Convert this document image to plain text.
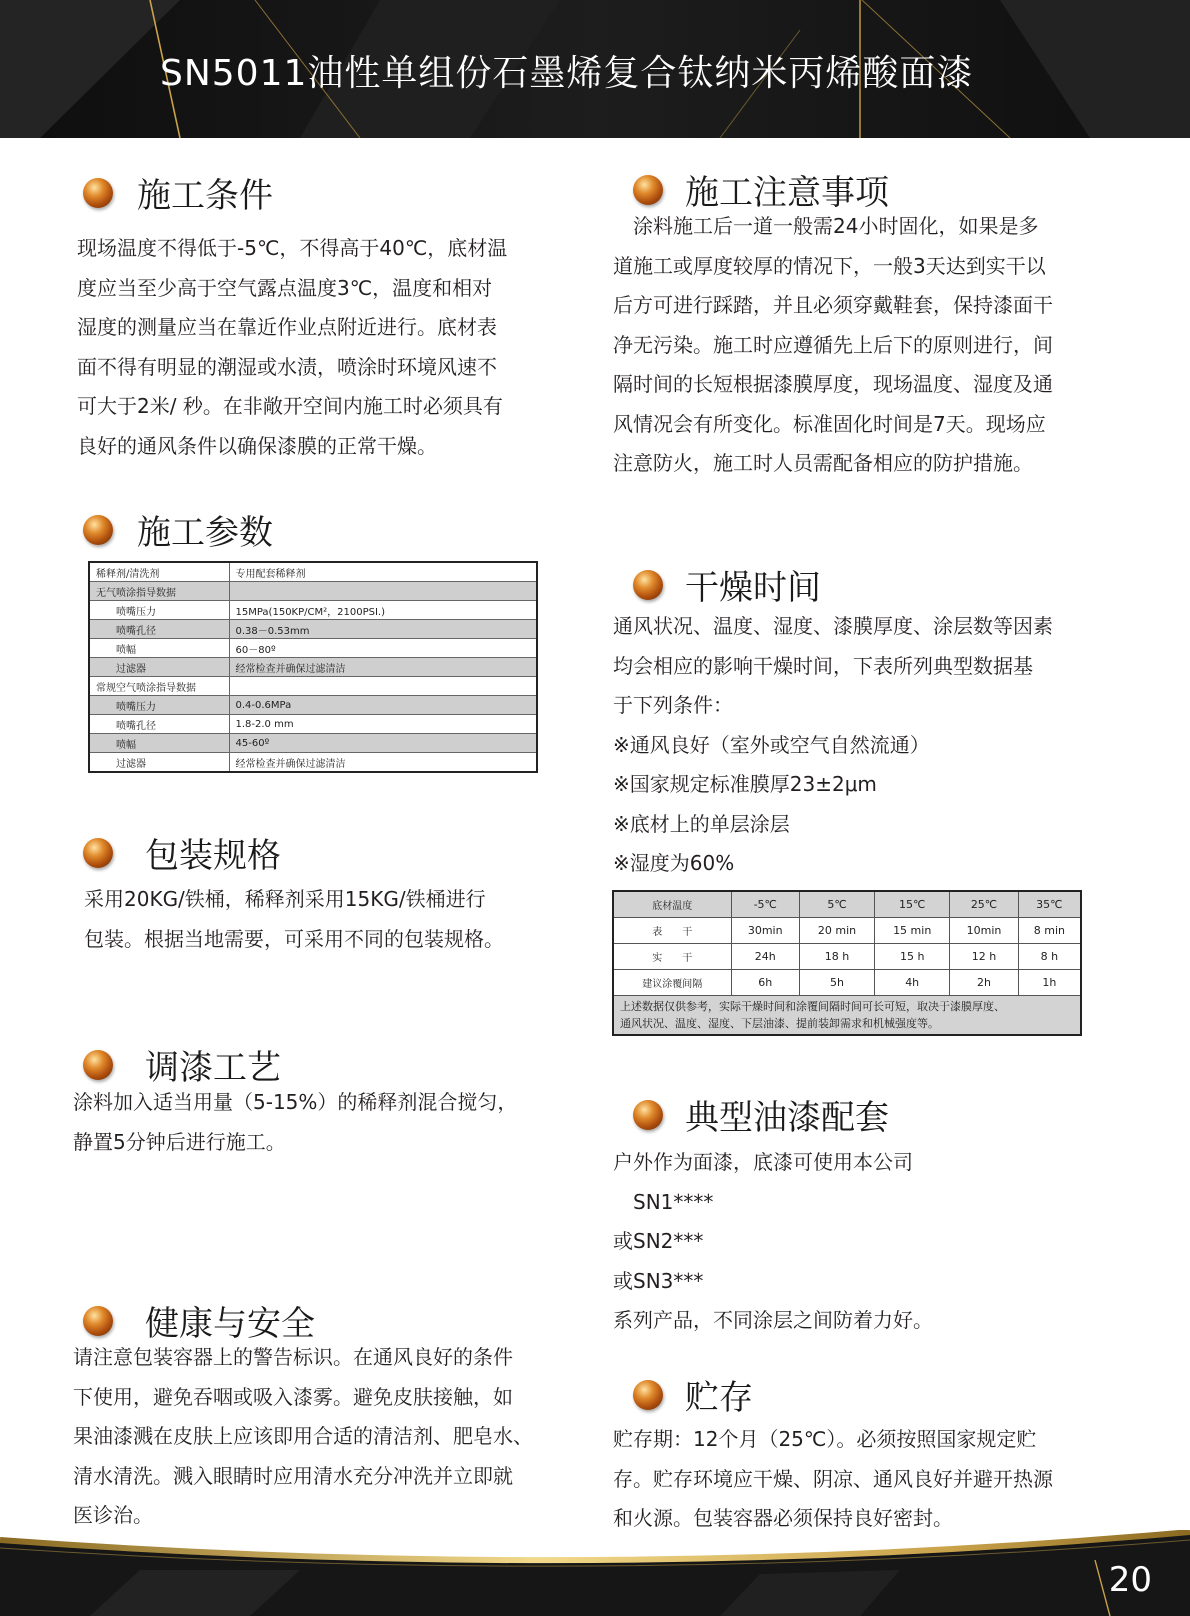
SN5011油性单组份石墨烯复合钛纳米丙烯酸面漆
施工条件

现场温度不得低于-5℃，不得高于40℃，底材温
度应当至少高于空气露点温度3℃，温度和相对
湿度的测量应当在靠近作业点附近进行。底材表
面不得有明显的潮湿或水渍，喷涂时环境风速不
可大于2米/ 秒。在非敞开空间内施工时必须具有
良好的通风条件以确保漆膜的正常干燥。

施工参数
稀释剂/清洗剂	专用配套稀释剂
无气喷涂指导数据	
喷嘴压力	15MPa(150KP/CM²，2100PSI.)
喷嘴孔径	0.38－0.53mm
喷幅	60－80º
过滤器	经常检查并确保过滤清洁
常规空气喷涂指导数据	
喷嘴压力	0.4-0.6MPa
喷嘴孔径	1.8-2.0 mm
喷幅	45-60º
过滤器	经常检查并确保过滤清洁
包装规格

采用20KG/铁桶，稀释剂采用15KG/铁桶进行
包装。根据当地需要，可采用不同的包装规格。

调漆工艺

涂料加入适当用量（5-15%）的稀释剂混合搅匀，
静置5分钟后进行施工。

健康与安全

请注意包装容器上的警告标识。在通风良好的条件
下使用，避免吞咽或吸入漆雾。避免皮肤接触，如
果油漆溅在皮肤上应该即用合适的清洁剂、肥皂水、
清水清洗。溅入眼睛时应用清水充分冲洗并立即就
医诊治。

施工注意事项

　涂料施工后一道一般需24小时固化，如果是多
道施工或厚度较厚的情况下，一般3天达到实干以
后方可进行踩踏，并且必须穿戴鞋套，保持漆面干
净无污染。施工时应遵循先上后下的原则进行，间
隔时间的长短根据漆膜厚度，现场温度、湿度及通
风情况会有所变化。标准固化时间是7天。现场应
注意防火，施工时人员需配备相应的防护措施。

干燥时间

通风状况、温度、湿度、漆膜厚度、涂层数等因素
均会相应的影响干燥时间，下表所列典型数据基
于下列条件：
※通风良好（室外或空气自然流通）
※国家规定标准膜厚23±2μm
※底材上的单层涂层
※湿度为60%

底材温度	-5℃	5℃	15℃	25℃	35℃
表　　干	30min	20 min	15 min	10min	8 min
实　　干	24h	18 h	15 h	12 h	8 h
建议涂覆间隔	6h	5h	4h	2h	1h

上述数据仅供参考，实际干燥时间和涂覆间隔时间可长可短，取决于漆膜厚度、
通风状况、温度、湿度、下层油漆、提前装卸需求和机械强度等。					
典型油漆配套

户外作为面漆，底漆可使用本公司
　SN1****
或SN2***
或SN3***
系列产品，不同涂层之间防着力好。

贮存

贮存期：12个月（25℃）。必须按照国家规定贮
存。贮存环境应干燥、阴凉、通风良好并避开热源
和火源。包装容器必须保持良好密封。

20
